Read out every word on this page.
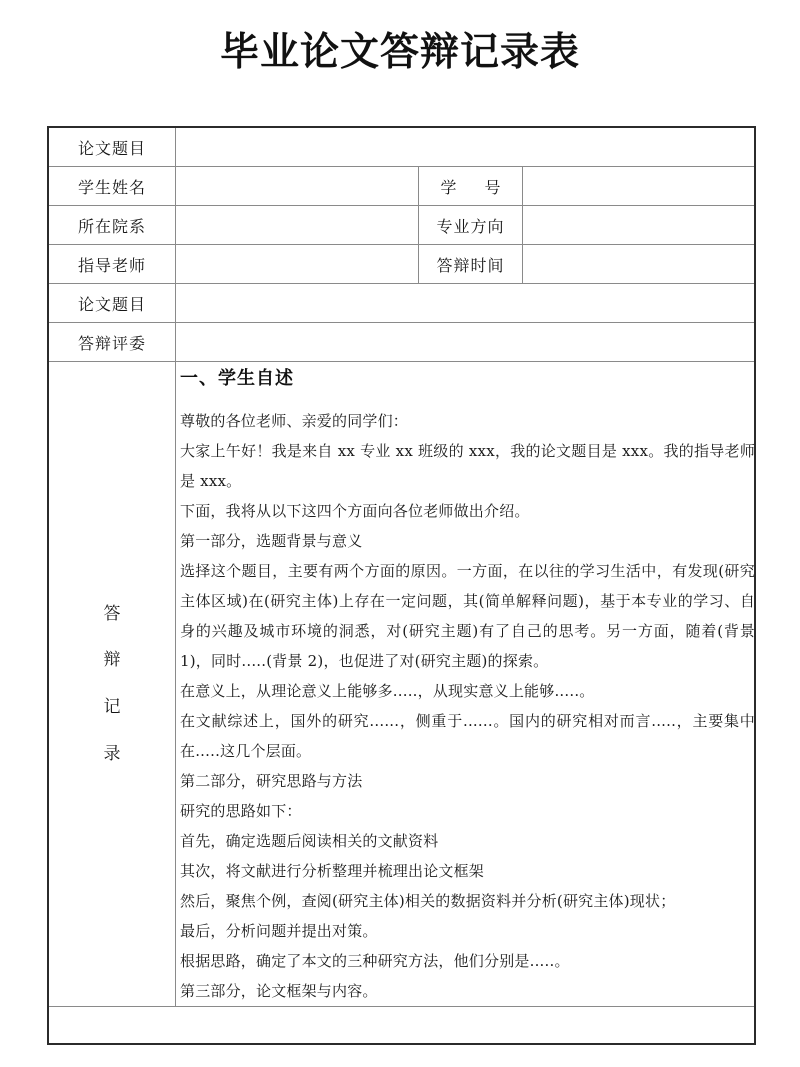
毕业论文答辩记录表
论文题目			
学生姓名		学 号	
所在院系		专业方向	
指导老师		答辩时间	
论文题目			
答辩评委			

答
辩
记
录

一、学生自述

尊敬的各位老师、亲爱的同学们：

大家上午好！我是来自 xx 专业 xx 班级的 xxx，我的论文题目是 xxx。我的指导老师是 xxx。

下面，我将从以下这四个方面向各位老师做出介绍。

第一部分，选题背景与意义

选择这个题目，主要有两个方面的原因。一方面，在以往的学习生活中，有发现(研究主体区域)在(研究主体)上存在一定问题，其(简单解释问题)，基于本专业的学习、自身的兴趣及城市环境的洞悉，对(研究主题)有了自己的思考。另一方面，随着(背景 1)，同时.....(背景 2)，也促进了对(研究主题)的探索。

在意义上，从理论意义上能够多.....，从现实意义上能够.....。

在文献综述上，国外的研究......，侧重于......。国内的研究相对而言.....，主要集中在.....这几个层面。

第二部分，研究思路与方法

研究的思路如下：

首先，确定选题后阅读相关的文献资料

其次，将文献进行分析整理并梳理出论文框架

然后，聚焦个例，查阅(研究主体)相关的数据资料并分析(研究主体)现状；

最后，分析问题并提出对策。

根据思路，确定了本文的三种研究方法，他们分别是.....。

第三部分，论文框架与内容。
